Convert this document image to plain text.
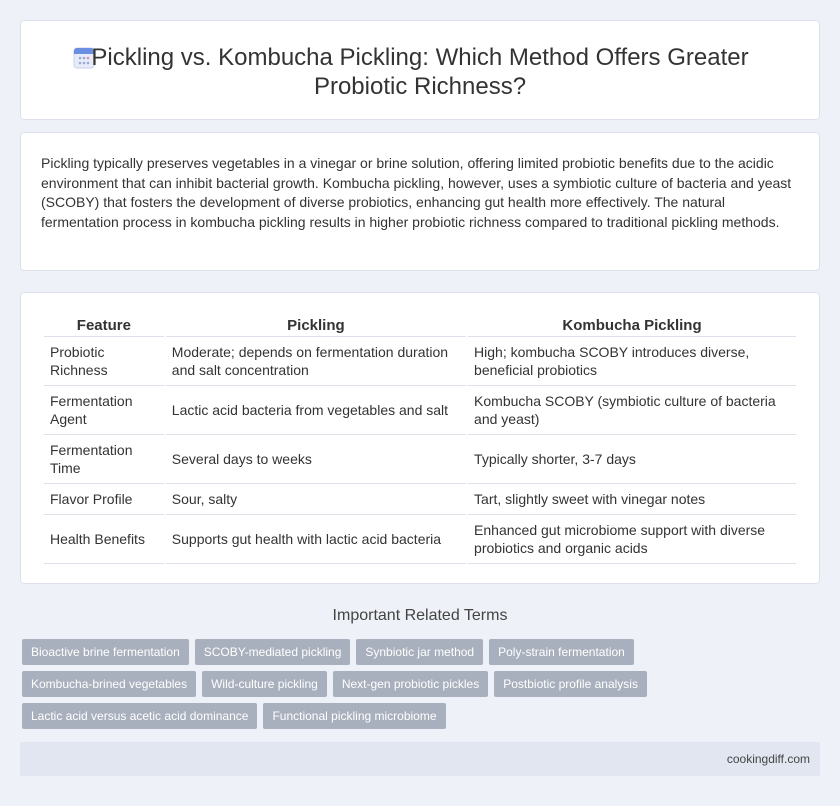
Pickling vs. Kombucha Pickling: Which Method Offers Greater
Probiotic Richness?

Pickling typically preserves vegetables in a vinegar or brine solution, offering limited probiotic benefits due to the acidic environment that can inhibit bacterial growth. Kombucha pickling, however, uses a symbiotic culture of bacteria and yeast (SCOBY) that fosters the development of diverse probiotics, enhancing gut health more effectively. The natural fermentation process in kombucha pickling results in higher probiotic richness compared to traditional pickling methods.

Feature	Pickling	Kombucha Pickling
Probiotic Richness	Moderate; depends on fermentation duration and salt concentration	High; kombucha SCOBY introduces diverse, beneficial probiotics
Fermentation Agent	Lactic acid bacteria from vegetables and salt	Kombucha SCOBY (symbiotic culture of bacteria and yeast)
Fermentation Time	Several days to weeks	Typically shorter, 3-7 days
Flavor Profile	Sour, salty	Tart, slightly sweet with vinegar notes
Health Benefits	Supports gut health with lactic acid bacteria	Enhanced gut microbiome support with diverse probiotics and organic acids
Important Related Terms
Bioactive brine fermentation	SCOBY-mediated pickling	Synbiotic jar method	Poly-strain fermentation
Kombucha-brined vegetables	Wild-culture pickling	Next-gen probiotic pickles	Postbiotic profile analysis
Lactic acid versus acetic acid dominance	Functional pickling microbiome
cookingdiff.com
